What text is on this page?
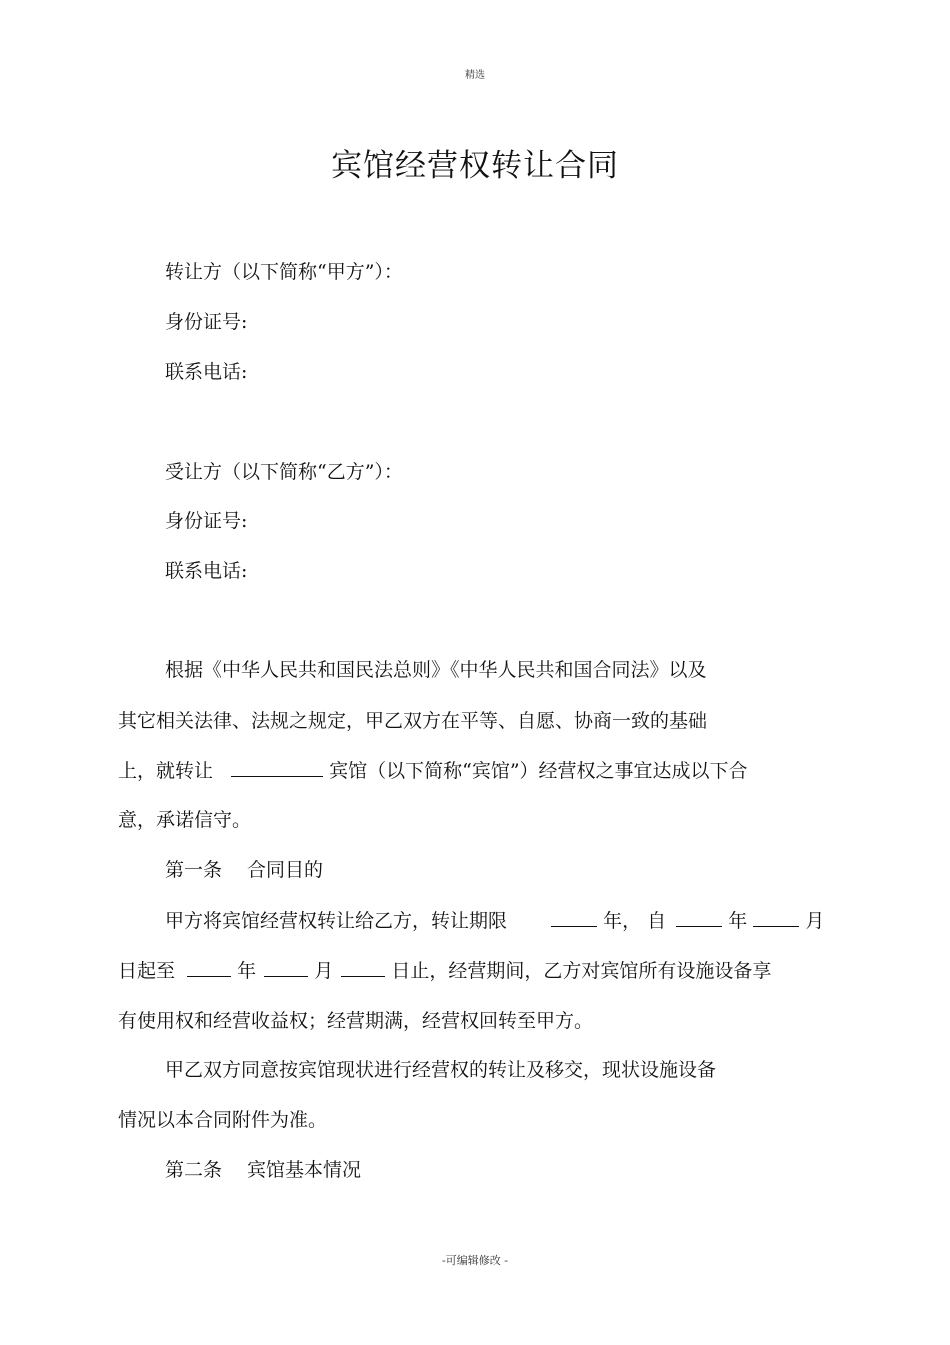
精选
宾馆经营权转让合同
转让方（以下简称“甲方”）：
身份证号:
联系电话:
受让方（以下简称“乙方”）：
身份证号:
联系电话:
根据《中华人民共和国民法总则》《中华人民共和国合同法》以及
其它相关法律、法规之规定，甲乙双方在平等、自愿、协商一致的基础
上，就转让	宾馆（以下简称“宾馆”）经营权之事宜达成以下合
意，承诺信守。
第一条　 合同目的
甲方将宾馆经营权转让给乙方，转让期限	年， 自	年	月
日起至	年	月	日止，经营期间，乙方对宾馆所有设施设备享
有使用权和经营收益权；经营期满，经营权回转至甲方。
甲乙双方同意按宾馆现状进行经营权的转让及移交，现状设施设备
情况以本合同附件为准。
第二条　 宾馆基本情况
-可编辑修改 -
